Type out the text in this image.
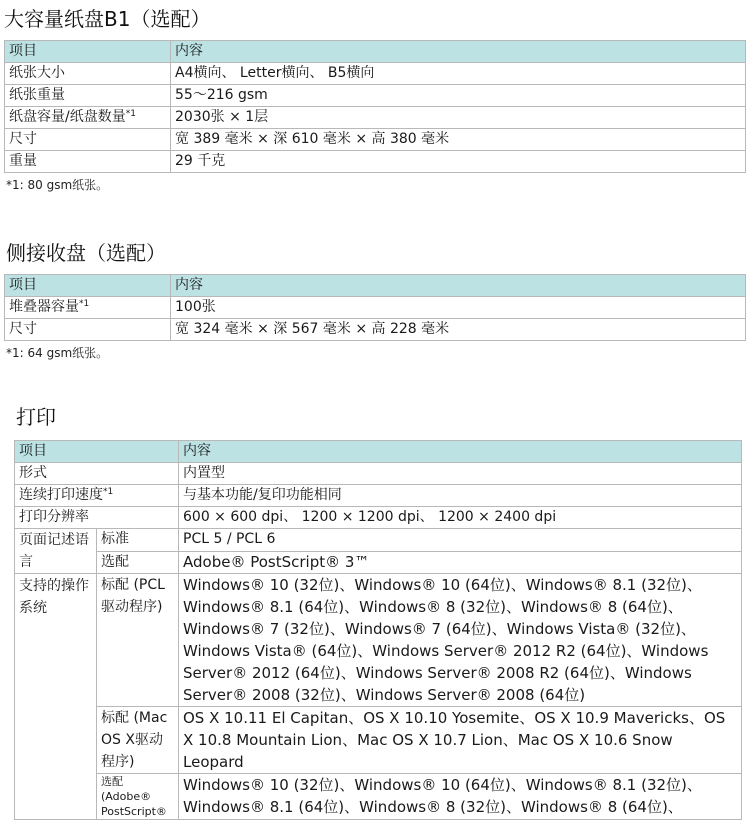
大容量纸盘B1（选配）
项目	内容
纸张大小	A4横向、 Letter横向、 B5横向
纸张重量	55〜216 gsm
纸盘容量/纸盘数量$^{*1}$	2030张 × 1层
尺寸	宽 389 毫米 × 深 610 毫米 × 高 380 毫米
重量	29 千克
*1: 80 gsm纸张。
侧接收盘（选配）
项目	内容
堆叠器容量$^{*1}$	100张
尺寸	宽 324 毫米 × 深 567 毫米 × 高 228 毫米
*1: 64 gsm纸张。
打印
项目		内容
形式		内置型
连续打印速度$^{*1}$		与基本功能/复印功能相同
打印分辨率		600 × 600 dpi、 1200 × 1200 dpi、 1200 × 2400 dpi
页面记述语言	标准	PCL 5 / PCL 6
	选配	Adobe® PostScript® 3™
支持的操作系统	标配 (PCL驱动程序)	Windows® 10 (32位)、Windows® 10 (64位)、Windows® 8.1 (32位)、Windows® 8.1 (64位)、Windows® 8 (32位)、Windows® 8 (64位)、Windows® 7 (32位)、Windows® 7 (64位)、Windows Vista® (32位)、Windows Vista® (64位)、Windows Server® 2012 R2 (64位)、Windows Server® 2012 (64位)、Windows Server® 2008 R2 (64位)、Windows Server® 2008 (32位)、Windows Server® 2008 (64位)
	标配 (Mac OS X驱动程序)	OS X 10.11 El Capitan、OS X 10.10 Yosemite、OS X 10.9 Mavericks、OS X 10.8 Mountain Lion、Mac OS X 10.7 Lion、Mac OS X 10.6 Snow Leopard
	选配 (Adobe® PostScript®	Windows® 10 (32位)、Windows® 10 (64位)、Windows® 8.1 (32位)、Windows® 8.1 (64位)、Windows® 8 (32位)、Windows® 8 (64位)、
